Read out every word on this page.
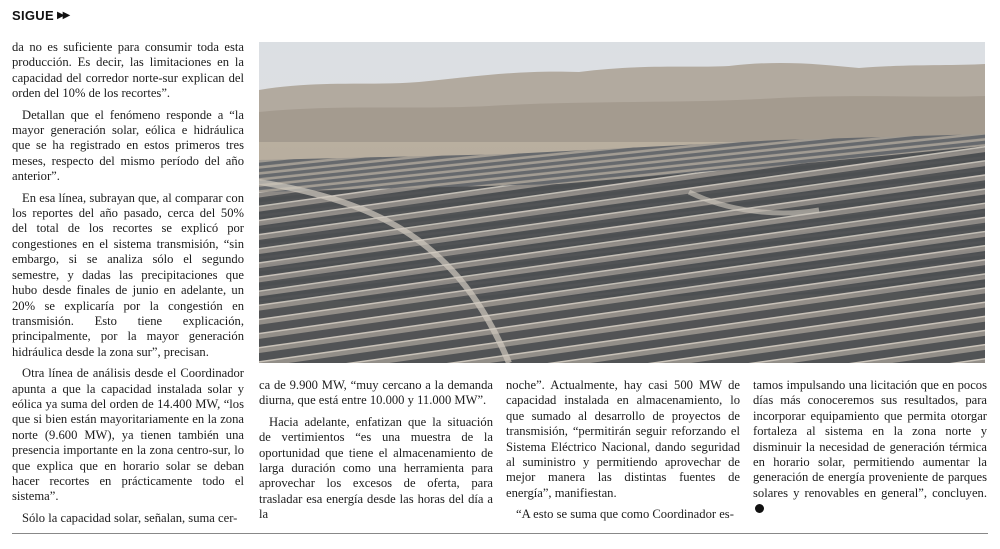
SIGUE ▶▶

da no es suficiente para consumir toda esta producción. Es decir, las limitaciones en la capacidad del corredor norte-sur explican del orden del 10% de los recortes”.

Detallan que el fenómeno responde a “la mayor generación solar, eólica e hidráulica que se ha registrado en estos primeros tres meses, respecto del mismo período del año anterior”.

En esa línea, subrayan que, al comparar con los reportes del año pasado, cerca del 50% del total de los recortes se explicó por congestiones en el sistema transmisión, “sin embargo, si se analiza sólo el segundo semestre, y dadas las precipitaciones que hubo desde finales de junio en adelante, un 20% se explicaría por la congestión en transmisión. Esto tiene explicación, principalmente, por la mayor generación hidráulica desde la zona sur”, precisan.

Otra línea de análisis desde el Coordinador apunta a que la capacidad instalada solar y eólica ya suma del orden de 14.400 MW, “los que si bien están mayoritariamente en la zona norte (9.600 MW), ya tienen también una presencia importante en la zona centro-sur, lo que explica que en horario solar se deban hacer recortes en prácticamente todo el sistema”.

Sólo la capacidad solar, señalan, suma cer-

ca de 9.900 MW, “muy cercano a la demanda diurna, que está entre 10.000 y 11.000 MW”.

Hacia adelante, enfatizan que la situación de vertimientos “es una muestra de la oportunidad que tiene el almacenamiento de larga duración como una herramienta para aprovechar los excesos de oferta, para trasladar esa energía desde las horas del día a la

noche”. Actualmente, hay casi 500 MW de capacidad instalada en almacenamiento, lo que sumado al desarrollo de proyectos de transmisión, “permitirán seguir reforzando el Sistema Eléctrico Nacional, dando seguridad al suministro y permitiendo aprovechar de mejor manera las distintas fuentes de energía”, manifiestan.

“A esto se suma que como Coordinador es-

tamos impulsando una licitación que en pocos días más conoceremos sus resultados, para incorporar equipamiento que permita otorgar fortaleza al sistema en la zona norte y disminuir la necesidad de generación térmica en horario solar, permitiendo aumentar la generación de energía proveniente de parques solares y renovables en general”, concluyen.
